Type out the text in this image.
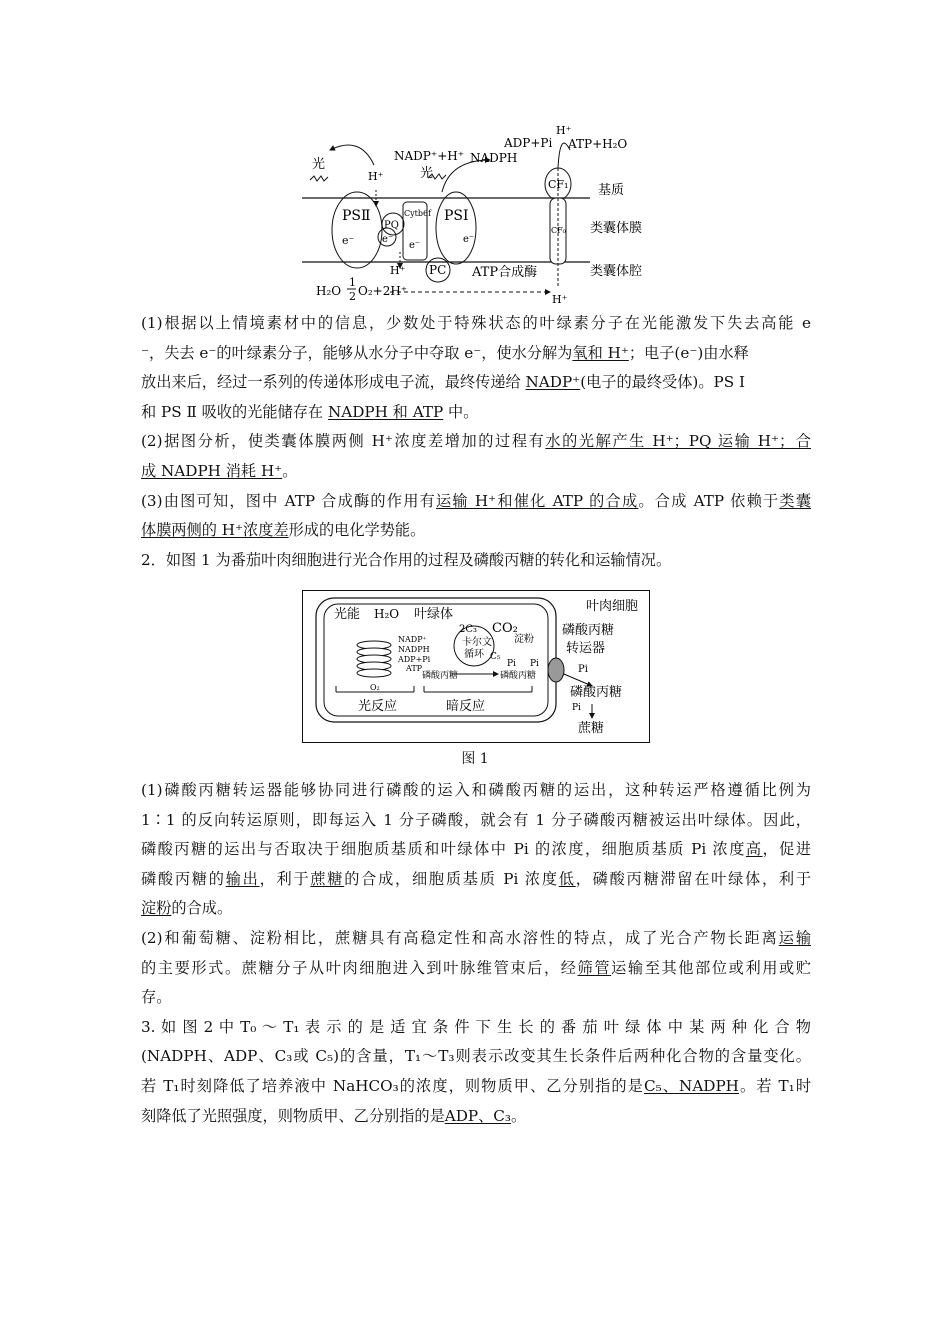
光
H⁺
NADP⁺+H⁺ NADPH
光
ADP+Pi ATP+H₂O
H⁺
CF₁
CF₀
基质
类囊体膜
类囊体腔
PSⅡ	PSⅠ
PQ
Cytb6f
e⁻	e⁻
e⁻
e⁻
H⁺ PC ATP合成酶
H₂O
1
2 O₂+2H⁺
H⁺

(1)根据以上情境素材中的信息，少数处于特殊状态的叶绿素分子在光能激发下失去高能 e

⁻，失去 e⁻的叶绿素分子，能够从水分子中夺取 e⁻，使水分解为氧和 H⁺；电子(e⁻)由水释

放出来后，经过一系列的传递体形成电子流，最终传递给 NADP⁺(电子的最终受体)。PS Ⅰ

和 PS Ⅱ 吸收的光能储存在 NADPH 和 ATP 中。

(2)据图分析，使类囊体膜两侧 H⁺浓度差增加的过程有水的光解产生 H⁺；PQ 运输 H⁺；合

成 NADPH 消耗 H⁺。

(3)由图可知，图中 ATP 合成酶的作用有运输 H⁺和催化 ATP 的合成。合成 ATP 依赖于类囊

体膜两侧的 H⁺浓度差形成的电化学势能。

2．如图 1 为番茄叶肉细胞进行光合作用的过程及磷酸丙糖的转化和运输情况。

叶肉细胞
光能 H₂O 叶绿体
CO₂
2C₃
淀粉
NADP⁺
NADPH
ADP+Pi
ATP
卡尔文
循环 C₅
Pi Pi	Pi
Pi
磷酸丙糖	磷酸丙糖
O₂
光反应	暗反应
磷酸丙糖
转运器
磷酸丙糖
蔗糖
图 1

(1)磷酸丙糖转运器能够协同进行磷酸的运入和磷酸丙糖的运出，这种转运严格遵循比例为

1∶1 的反向转运原则，即每运入 1 分子磷酸，就会有 1 分子磷酸丙糖被运出叶绿体。因此，

磷酸丙糖的运出与否取决于细胞质基质和叶绿体中 Pi 的浓度，细胞质基质 Pi 浓度高，促进

磷酸丙糖的输出，利于蔗糖的合成，细胞质基质 Pi 浓度低，磷酸丙糖滞留在叶绿体，利于

淀粉的合成。

(2)和葡萄糖、淀粉相比，蔗糖具有高稳定性和高水溶性的特点，成了光合产物长距离运输

的主要形式。蔗糖分子从叶肉细胞进入到叶脉维管束后，经筛管运输至其他部位或利用或贮

存。

3. 如 图 2 中 T₀ ～ T₁ 表 示 的 是 适 宜 条 件 下 生 长 的 番 茄 叶 绿 体 中 某 两 种 化 合 物

(NADPH、ADP、C₃或 C₅)的含量，T₁～T₃则表示改变其生长条件后两种化合物的含量变化。

若 T₁时刻降低了培养液中 NaHCO₃的浓度，则物质甲、乙分别指的是C₅、NADPH。若 T₁时

刻降低了光照强度，则物质甲、乙分别指的是ADP、C₃。
